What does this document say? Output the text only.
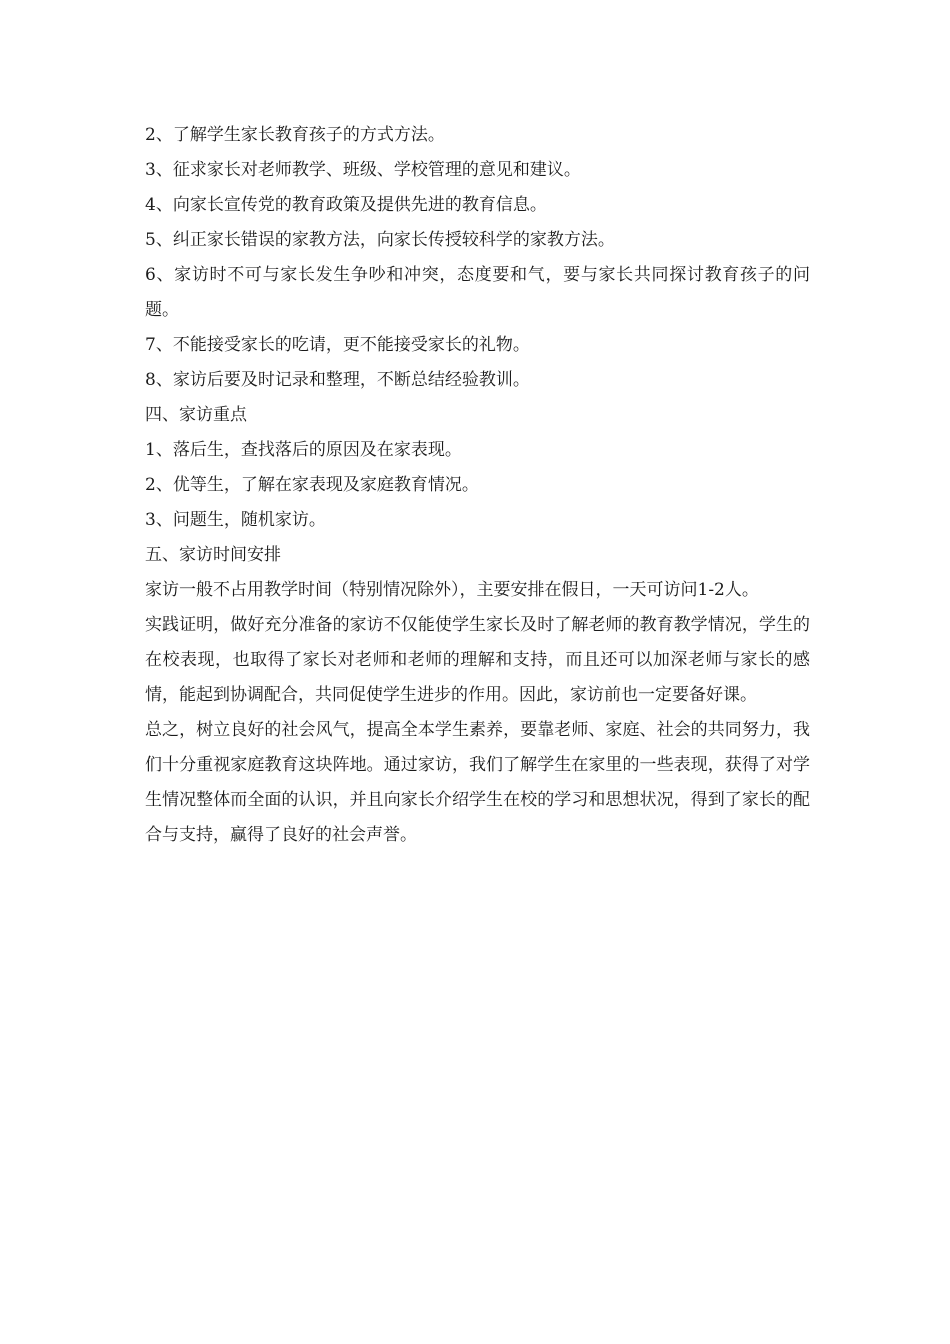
2、了解学生家长教育孩子的方式方法。

3、征求家长对老师教学、班级、学校管理的意见和建议。

4、向家长宣传党的教育政策及提供先进的教育信息。

5、纠正家长错误的家教方法，向家长传授较科学的家教方法。

6、家访时不可与家长发生争吵和冲突，态度要和气，要与家长共同探讨教育孩子的问题。

7、不能接受家长的吃请，更不能接受家长的礼物。

8、家访后要及时记录和整理，不断总结经验教训。

四、家访重点

1、落后生，查找落后的原因及在家表现。

2、优等生，了解在家表现及家庭教育情况。

3、问题生，随机家访。

五、家访时间安排

家访一般不占用教学时间（特别情况除外），主要安排在假日，一天可访问1-2人。

实践证明，做好充分准备的家访不仅能使学生家长及时了解老师的教育教学情况，学生的在校表现，也取得了家长对老师和老师的理解和支持，而且还可以加深老师与家长的感情，能起到协调配合，共同促使学生进步的作用。因此，家访前也一定要备好课。

总之，树立良好的社会风气，提高全本学生素养，要靠老师、家庭、社会的共同努力，我们十分重视家庭教育这块阵地。通过家访，我们了解学生在家里的一些表现，获得了对学生情况整体而全面的认识，并且向家长介绍学生在校的学习和思想状况，得到了家长的配合与支持，赢得了良好的社会声誉。
